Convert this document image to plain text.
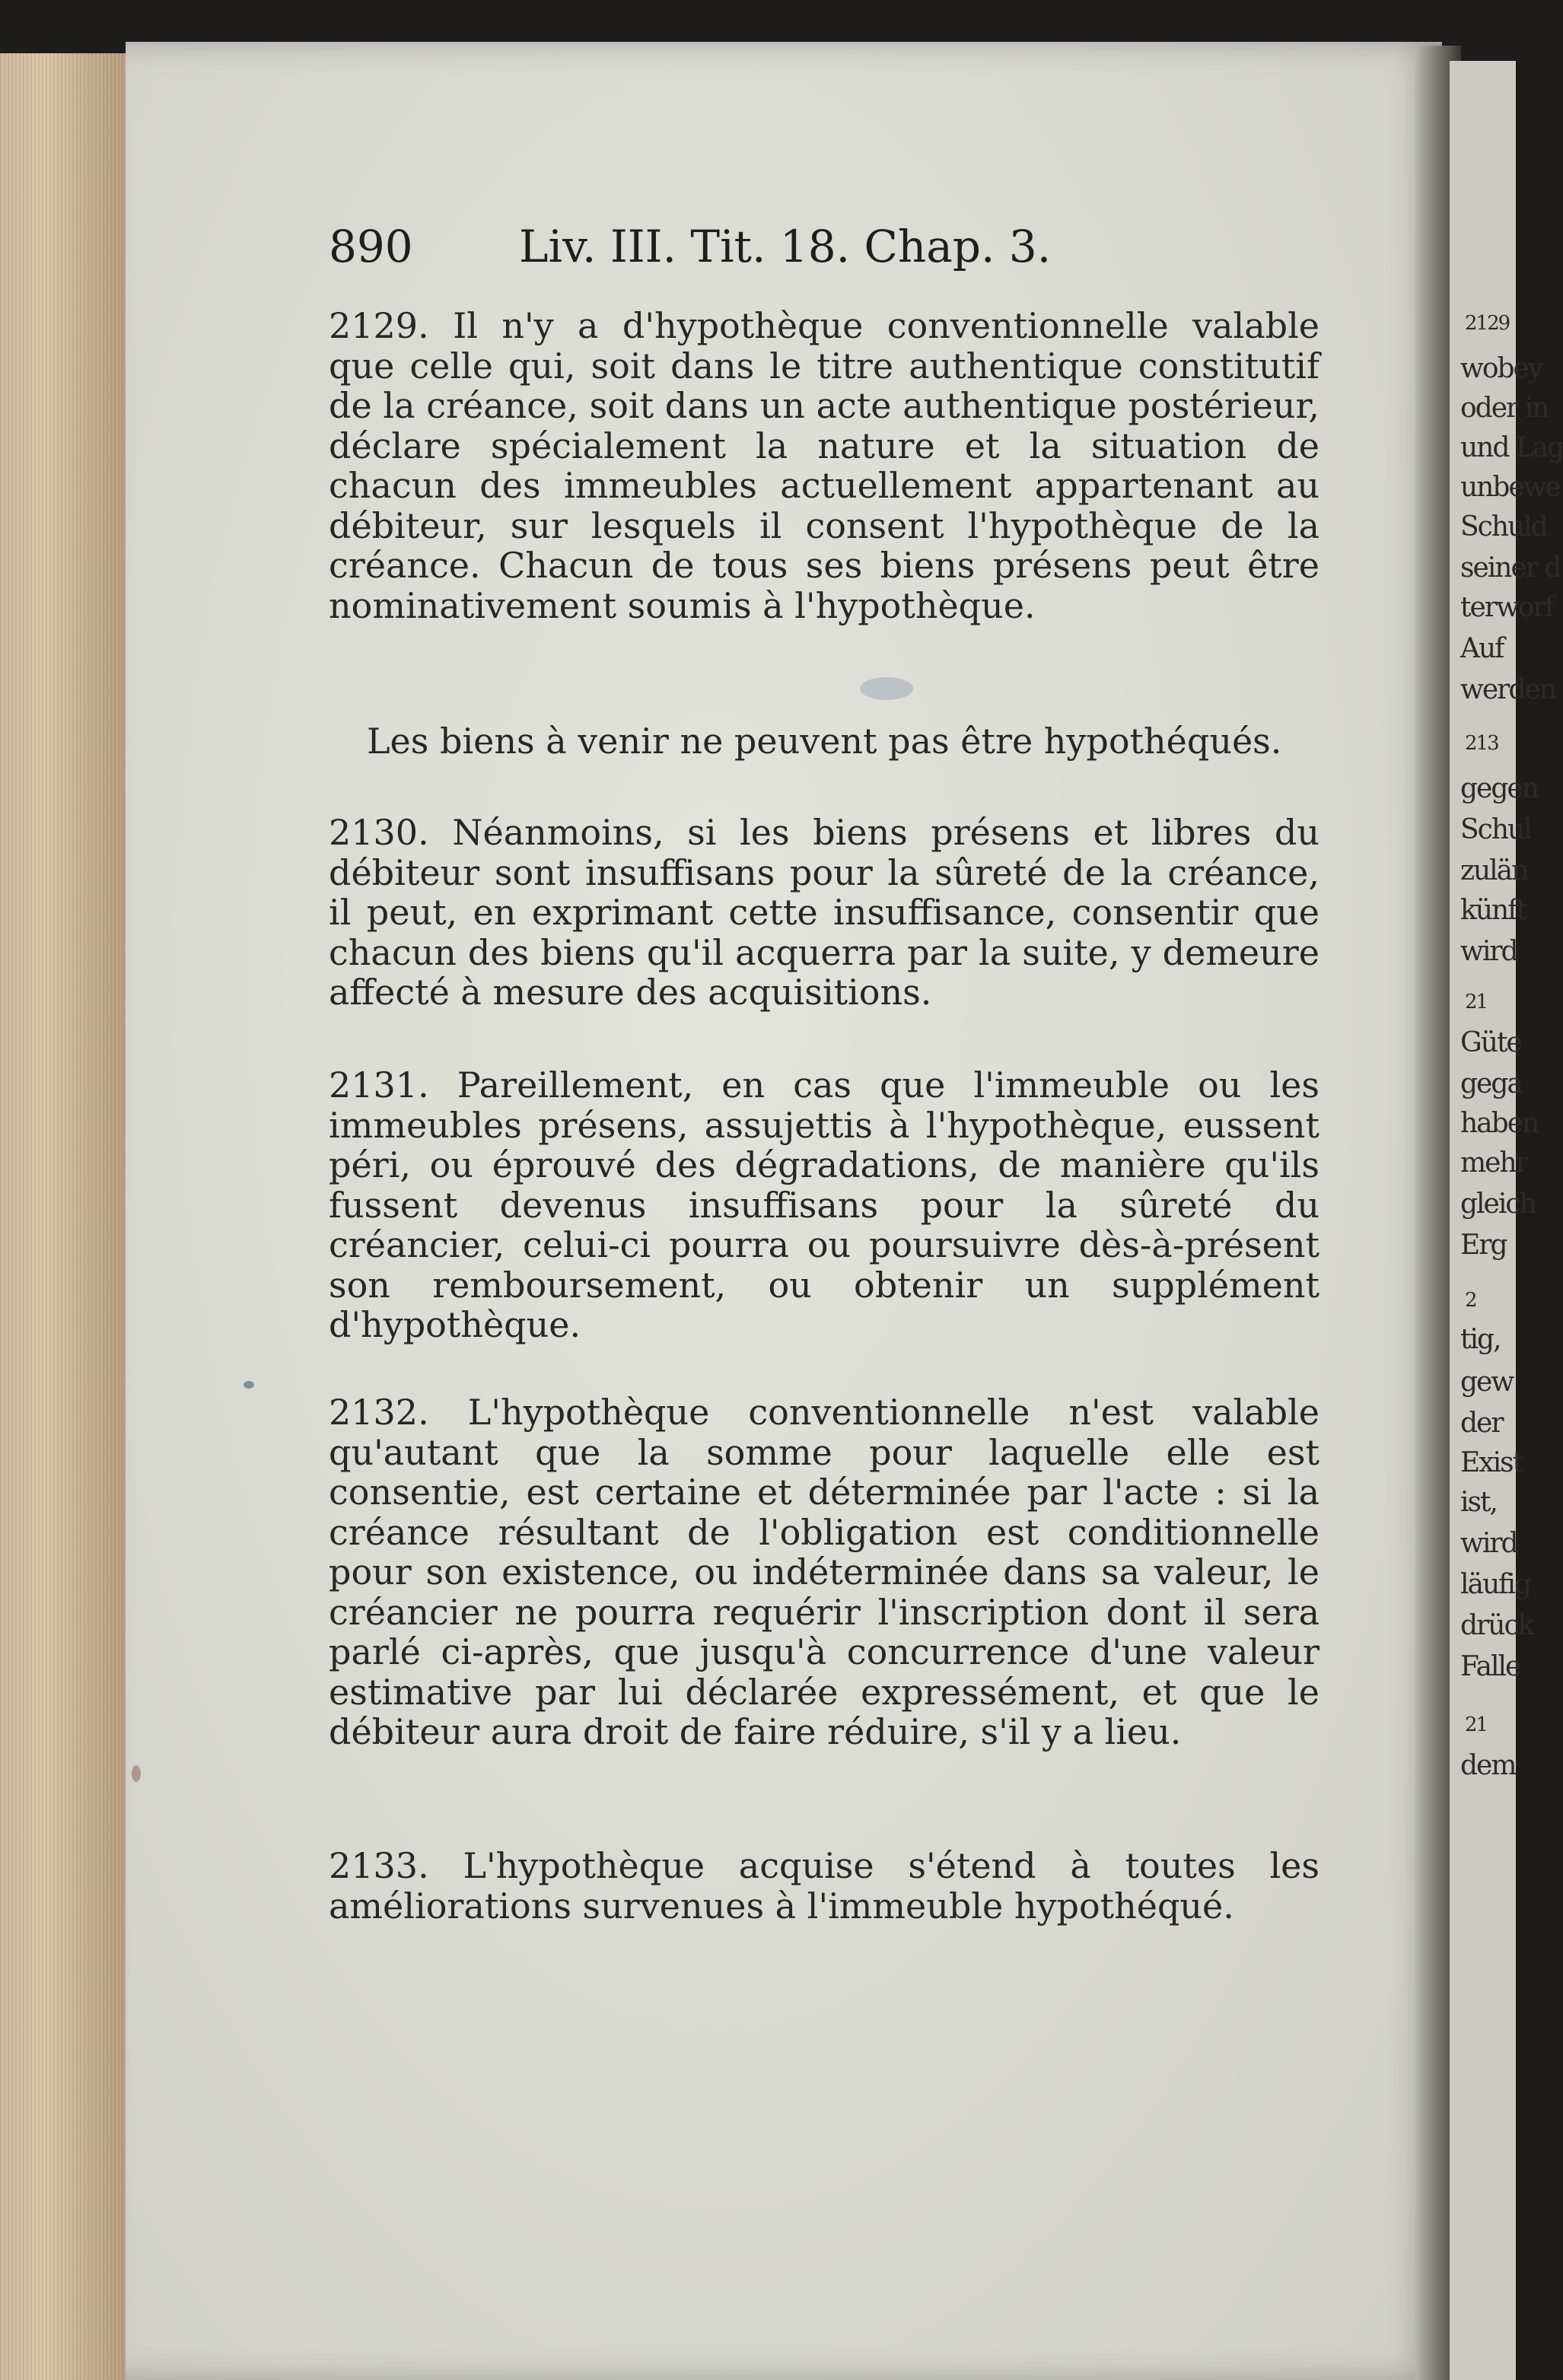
2129
wobey
oder in
und Lag
unbewe
Schuld
seiner d
terworf
Auf
werden
213
gegen
Schul
zulän
künft
wird
21
Güte
gega
haben
mehr
gleich
Erg
2
tig,
gew
der
Exist
ist,
wird
läufig
drück
Falle
21
dem
890 Liv. III. Tit. 18. Chap. 3.

2129. Il n'y a d'hypothèque conventionnelle valable que celle qui, soit dans le titre authentique constitutif de la créance, soit dans un acte authentique postérieur, déclare spécialement la nature et la situation de chacun des immeubles actuellement appartenant au débiteur, sur lesquels il consent l'hypothèque de la créance. Chacun de tous ses biens présens peut être nominativement soumis à l'hypothèque.

Les biens à venir ne peuvent pas être hypothéqués.

2130. Néanmoins, si les biens présens et libres du débiteur sont insuffisans pour la sûreté de la créance, il peut, en exprimant cette insuffisance, consentir que chacun des biens qu'il acquerra par la suite, y demeure affecté à mesure des acquisitions.

2131. Pareillement, en cas que l'immeuble ou les immeubles présens, assujettis à l'hypothèque, eussent péri, ou éprouvé des dégradations, de manière qu'ils fussent devenus insuffisans pour la sûreté du créancier, celui-ci pourra ou poursuivre dès-à-présent son remboursement, ou obtenir un supplément d'hypothèque.

2132. L'hypothèque conventionnelle n'est valable qu'autant que la somme pour laquelle elle est consentie, est certaine et déterminée par l'acte : si la créance résultant de l'obligation est conditionnelle pour son existence, ou indéterminée dans sa valeur, le créancier ne pourra requérir l'inscription dont il sera parlé ci-après, que jusqu'à concurrence d'une valeur estimative par lui déclarée expressément, et que le débiteur aura droit de faire réduire, s'il y a lieu.

2133. L'hypothèque acquise s'étend à toutes les améliorations survenues à l'immeuble hypothéqué.
